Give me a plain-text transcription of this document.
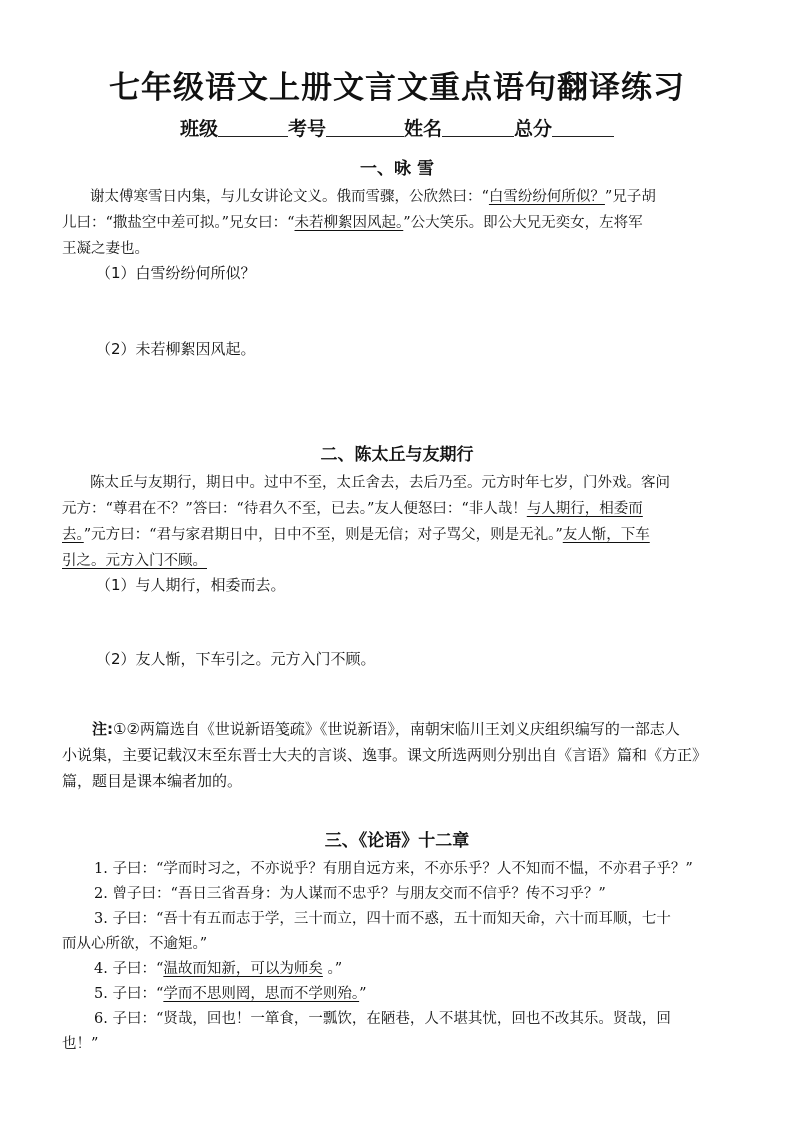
七年级语文上册文言文重点语句翻译练习
班级	考号	姓名	总分
一、咏 雪
谢太傅寒雪日内集，与儿女讲论文义。俄而雪骤，公欣然曰：“白雪纷纷何所似？”兄子胡
儿曰：“撒盐空中差可拟。”兄女曰：“未若柳絮因风起。”公大笑乐。即公大兄无奕女，左将军
王凝之妻也。
（1）白雪纷纷何所似？
（2）未若柳絮因风起。
二、陈太丘与友期行
陈太丘与友期行，期日中。过中不至，太丘舍去，去后乃至。元方时年七岁，门外戏。客问
元方：“尊君在不？”答曰：“待君久不至，已去。”友人便怒曰：“非人哉！与人期行，相委而
去。”元方曰：“君与家君期日中，日中不至，则是无信；对子骂父，则是无礼。”友人惭，下车
引之。元方入门不顾。
（1）与人期行，相委而去。
（2）友人惭，下车引之。元方入门不顾。
注:①②两篇选自《世说新语笺疏》《世说新语》，南朝宋临川王刘义庆组织编写的一部志人
小说集，主要记载汉末至东晋士大夫的言谈、逸事。课文所选两则分别出自《言语》篇和《方正》
篇，题目是课本编者加的。
三、《论语》十二章
1. 子曰：“学而时习之，不亦说乎？有朋自远方来，不亦乐乎？人不知而不愠，不亦君子乎？”
2. 曾子曰：“吾日三省吾身：为人谋而不忠乎？与朋友交而不信乎？传不习乎？”
3. 子曰：“吾十有五而志于学，三十而立，四十而不惑，五十而知天命，六十而耳顺，七十
而从心所欲，不逾矩。”
4. 子曰：“温故而知新，可以为师矣 。”
5. 子曰：“学而不思则罔，思而不学则殆。”
6. 子曰：“贤哉，回也！一箪食，一瓢饮，在陋巷，人不堪其忧，回也不改其乐。贤哉，回
也！”
